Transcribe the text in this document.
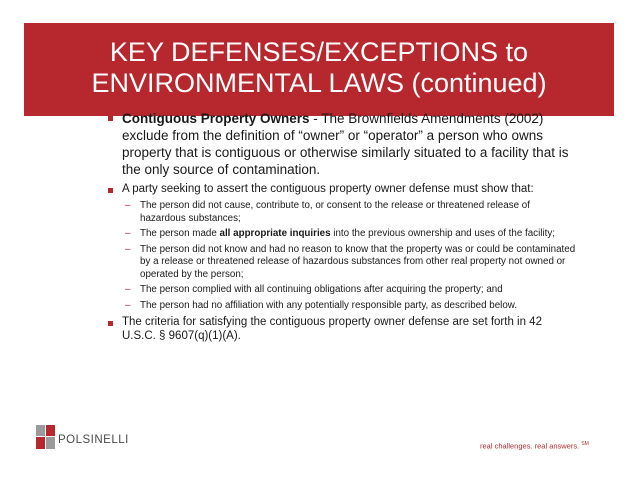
KEY DEFENSES/EXCEPTIONS to
ENVIRONMENTAL LAWS (continued)

Contiguous Property Owners - The Brownfields Amendments (2002) exclude from the definition of “owner” or “operator” a person who owns property that is contiguous or otherwise similarly situated to a facility that is the only source of contamination.

A party seeking to assert the contiguous property owner defense must show that:

– The person did not cause, contribute to, or consent to the release or threatened release of hazardous substances;

– The person made all appropriate inquiries into the previous ownership and uses of the facility;

– The person did not know and had no reason to know that the property was or could be contaminated by a release or threatened release of hazardous substances from other real property not owned or operated by the person;

– The person complied with all continuing obligations after acquiring the property; and

– The person had no affiliation with any potentially responsible party, as described below.

The criteria for satisfying the contiguous property owner defense are set forth in 42 U.S.C. § 9607(q)(1)(A).

POLSINELLI	real challenges. real answers. ℠
